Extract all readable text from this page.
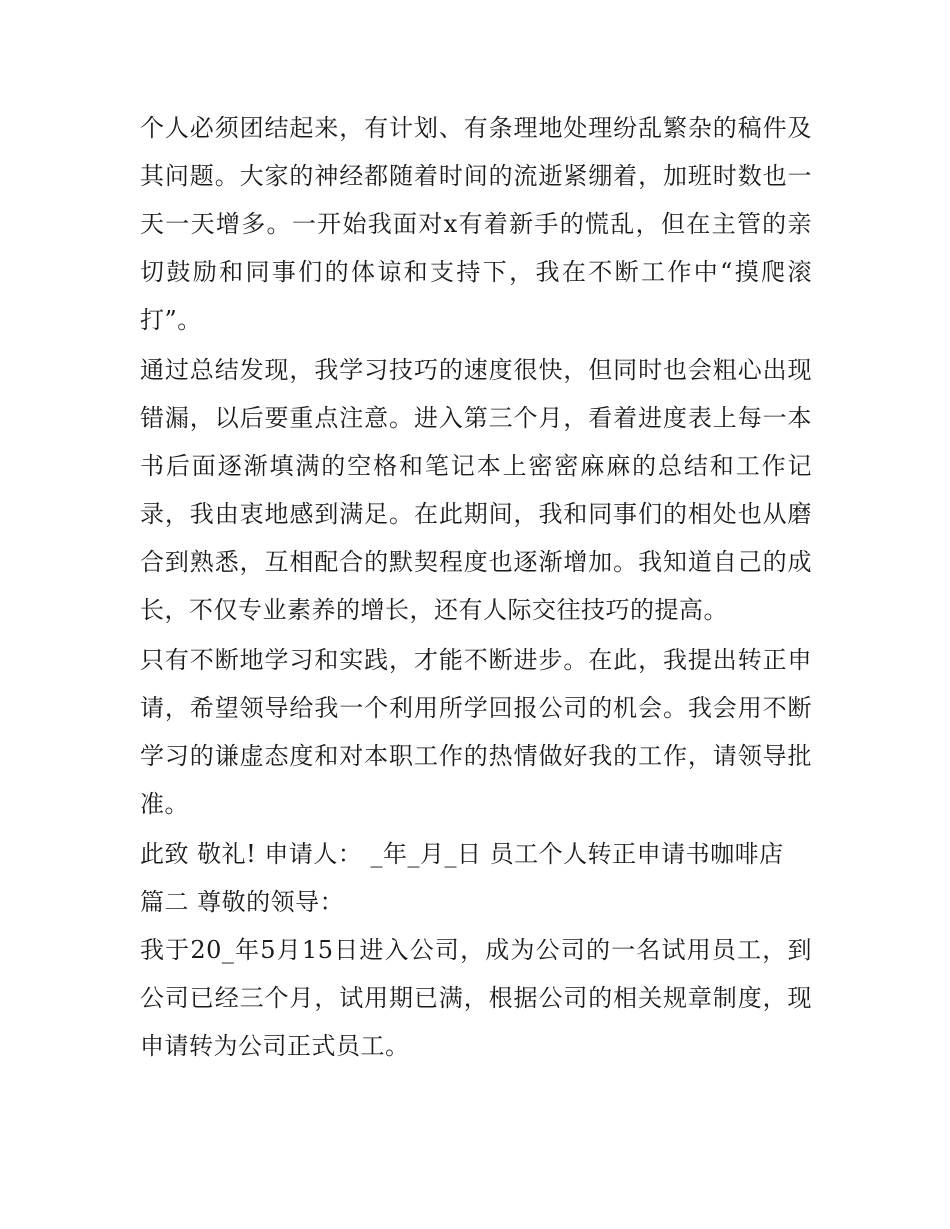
个人必须团结起来，有计划、有条理地处理纷乱繁杂的稿件及其问题。大家的神经都随着时间的流逝紧绷着，加班时数也一天一天增多。一开始我面对x有着新手的慌乱，但在主管的亲切鼓励和同事们的体谅和支持下，我在不断工作中“摸爬滚打”。

通过总结发现，我学习技巧的速度很快，但同时也会粗心出现错漏，以后要重点注意。进入第三个月，看着进度表上每一本书后面逐渐填满的空格和笔记本上密密麻麻的总结和工作记录，我由衷地感到满足。在此期间，我和同事们的相处也从磨合到熟悉，互相配合的默契程度也逐渐增加。我知道自己的成长，不仅专业素养的增长，还有人际交往技巧的提高。

只有不断地学习和实践，才能不断进步。在此，我提出转正申请，希望领导给我一个利用所学回报公司的机会。我会用不断学习的谦虚态度和对本职工作的热情做好我的工作，请领导批准。

此致 敬礼! 申请人： _年_月_日 员工个人转正申请书咖啡店

篇二 尊敬的领导：

我于20_年5月15日进入公司，成为公司的一名试用员工，到公司已经三个月，试用期已满，根据公司的相关规章制度，现申请转为公司正式员工。
